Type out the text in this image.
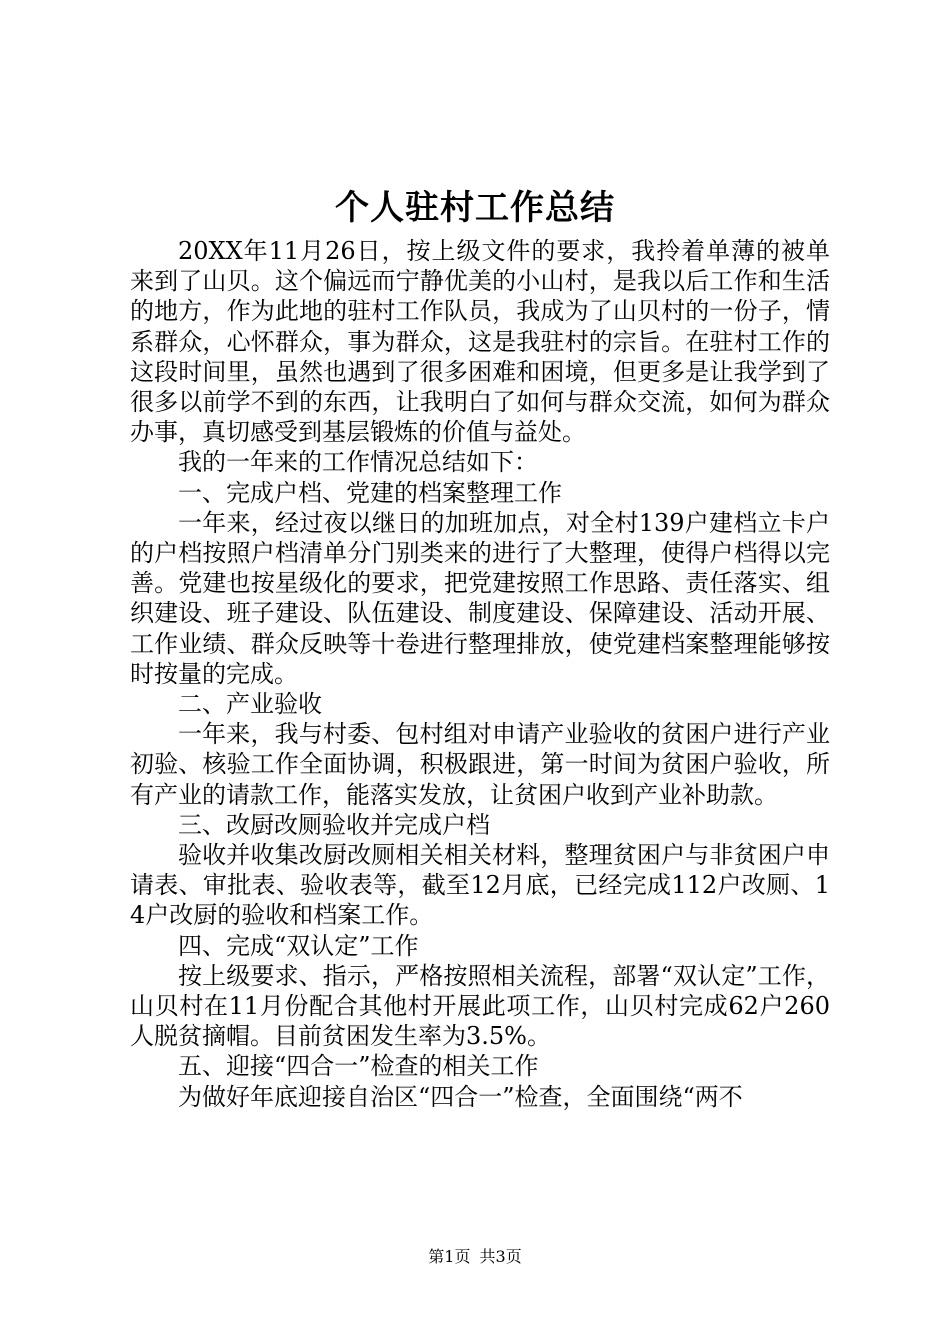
个人驻村工作总结

20XX年11月26日，按上级文件的要求，我拎着单薄的被单来到了山贝。这个偏远而宁静优美的小山村，是我以后工作和生活的地方，作为此地的驻村工作队员，我成为了山贝村的一份子，情系群众，心怀群众，事为群众，这是我驻村的宗旨。在驻村工作的这段时间里，虽然也遇到了很多困难和困境，但更多是让我学到了很多以前学不到的东西，让我明白了如何与群众交流，如何为群众办事，真切感受到基层锻炼的价值与益处。

我的一年来的工作情况总结如下：

一、完成户档、党建的档案整理工作

一年来，经过夜以继日的加班加点，对全村139户建档立卡户的户档按照户档清单分门别类来的进行了大整理，使得户档得以完善。党建也按星级化的要求，把党建按照工作思路、责任落实、组织建设、班子建设、队伍建设、制度建设、保障建设、活动开展、工作业绩、群众反映等十卷进行整理排放，使党建档案整理能够按时按量的完成。

二、产业验收

一年来，我与村委、包村组对申请产业验收的贫困户进行产业初验、核验工作全面协调，积极跟进，第一时间为贫困户验收，所有产业的请款工作，能落实发放，让贫困户收到产业补助款。

三、改厨改厕验收并完成户档

验收并收集改厨改厕相关相关材料，整理贫困户与非贫困户申请表、审批表、验收表等，截至12月底，已经完成112户改厕、14户改厨的验收和档案工作。

四、完成“双认定”工作

按上级要求、指示，严格按照相关流程，部署“双认定”工作，山贝村在11月份配合其他村开展此项工作，山贝村完成62户260人脱贫摘帽。目前贫困发生率为3.5%。

五、迎接“四合一”检查的相关工作

为做好年底迎接自治区“四合一”检查，全面围绕“两不

第1页 共3页
